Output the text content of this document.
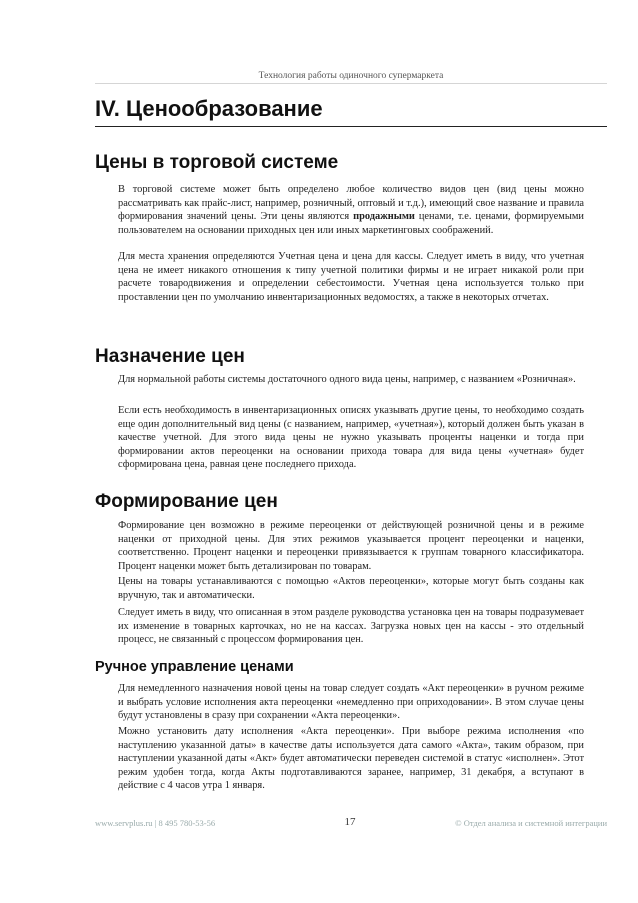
Технология работы одиночного супермаркета
IV. Ценообразование
Цены в торговой системе

В торговой системе может быть определено любое количество видов цен (вид цены можно рассматривать как прайс-лист, например, розничный, оптовый и т.д.), имеющий свое название и правила формирования значений цены. Эти цены являются продажными ценами, т.е. ценами, формируемыми пользователем на основании приходных цен или иных маркетинговых соображений.

Для места хранения определяются Учетная цена и цена для кассы. Следует иметь в виду, что учетная цена не имеет никакого отношения к типу учетной политики фирмы и не играет никакой роли при расчете товародвижения и определении себестоимости. Учетная цена используется только при проставлении цен по умолчанию инвентаризационных ведомостях, а также в некоторых отчетах.

Назначение цен

Для нормальной работы системы достаточного одного вида цены, например, с названием «Розничная».

Если есть необходимость в инвентаризационных описях указывать другие цены, то необходимо создать еще один дополнительный вид цены (с названием, например, «учетная»), который должен быть указан в качестве учетной. Для этого вида цены не нужно указывать проценты наценки и тогда при формировании актов переоценки на основании прихода товара для вида цены «учетная» будет сформирована цена, равная цене последнего прихода.

Формирование цен

Формирование цен возможно в режиме переоценки от действующей розничной цены и в режиме наценки от приходной цены. Для этих режимов указывается процент переоценки и наценки, соответственно. Процент наценки и переоценки привязывается к группам товарного классификатора. Процент наценки может быть детализирован по товарам.

Цены на товары устанавливаются с помощью «Актов переоценки», которые могут быть созданы как вручную, так и автоматически.

Следует иметь в виду, что описанная в этом разделе руководства установка цен на товары подразумевает их изменение в товарных карточках, но не на кассах. Загрузка новых цен на кассы - это отдельный процесс, не связанный с процессом формирования цен.

Ручное управление ценами

Для немедленного назначения новой цены на товар следует создать «Акт переоценки» в ручном режиме и выбрать условие исполнения акта переоценки «немедленно при оприходовании». В этом случае цены будут установлены в сразу при сохранении «Акта переоценки».

Можно установить дату исполнения «Акта переоценки». При выборе режима исполнения «по наступлению указанной даты» в качестве даты используется дата самого «Акта», таким образом, при наступлении указанной даты «Акт» будет автоматически переведен системой в статус «исполнен». Этот режим удобен тогда, когда Акты подготавливаются заранее, например, 31 декабря, а вступают в действие с 4 часов утра 1 января.

www.servplus.ru | 8 495 780-53-56	17	© Отдел анализа и системной интеграции
